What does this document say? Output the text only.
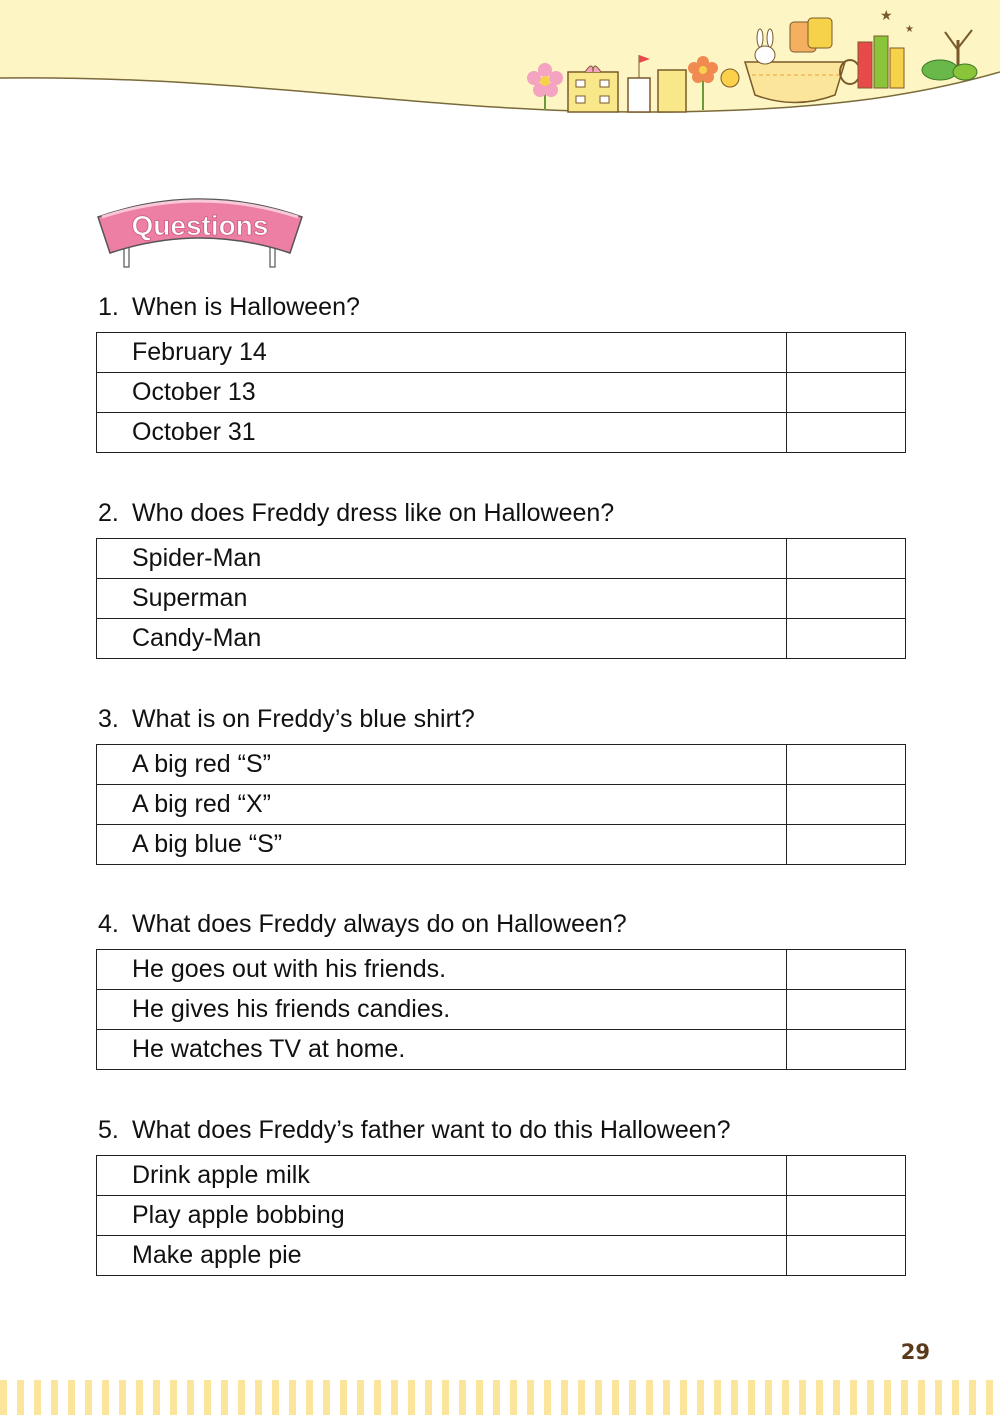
★
★
Questions
1. When is Halloween?
February 14	
October 13	
October 31	
2. Who does Freddy dress like on Halloween?
Spider-Man	
Superman	
Candy-Man	
3. What is on Freddy’s blue shirt?
A big red “S”	
A big red “X”	
A big blue “S”	
4. What does Freddy always do on Halloween?
He goes out with his friends.	
He gives his friends candies.	
He watches TV at home.	
5. What does Freddy’s father want to do this Halloween?
Drink apple milk	
Play apple bobbing	
Make apple pie	
29
